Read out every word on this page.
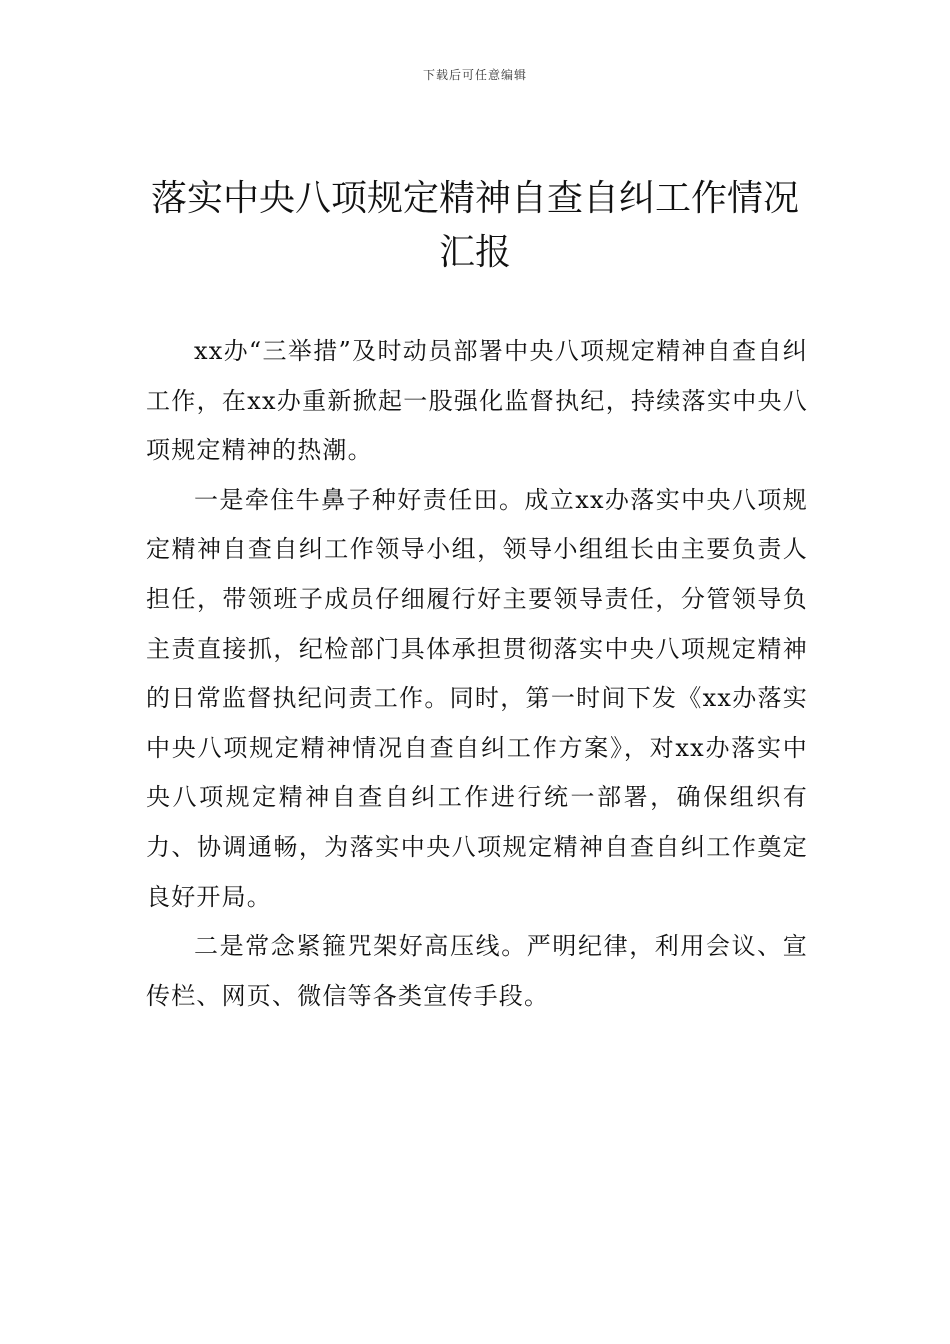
下载后可任意编辑
落实中央八项规定精神自查自纠工作情况
汇报

xx办“三举措”及时动员部署中央八项规定精神自查自纠工作，在xx办重新掀起一股强化监督执纪，持续落实中央八项规定精神的热潮。

一是牵住牛鼻子种好责任田。成立xx办落实中央八项规定精神自查自纠工作领导小组，领导小组组长由主要负责人担任，带领班子成员仔细履行好主要领导责任，分管领导负主责直接抓，纪检部门具体承担贯彻落实中央八项规定精神的日常监督执纪问责工作。同时，第一时间下发《xx办落实中央八项规定精神情况自查自纠工作方案》，对xx办落实中央八项规定精神自查自纠工作进行统一部署，确保组织有力、协调通畅，为落实中央八项规定精神自查自纠工作奠定良好开局。

二是常念紧箍咒架好高压线。严明纪律，利用会议、宣传栏、网页、微信等各类宣传手段。
